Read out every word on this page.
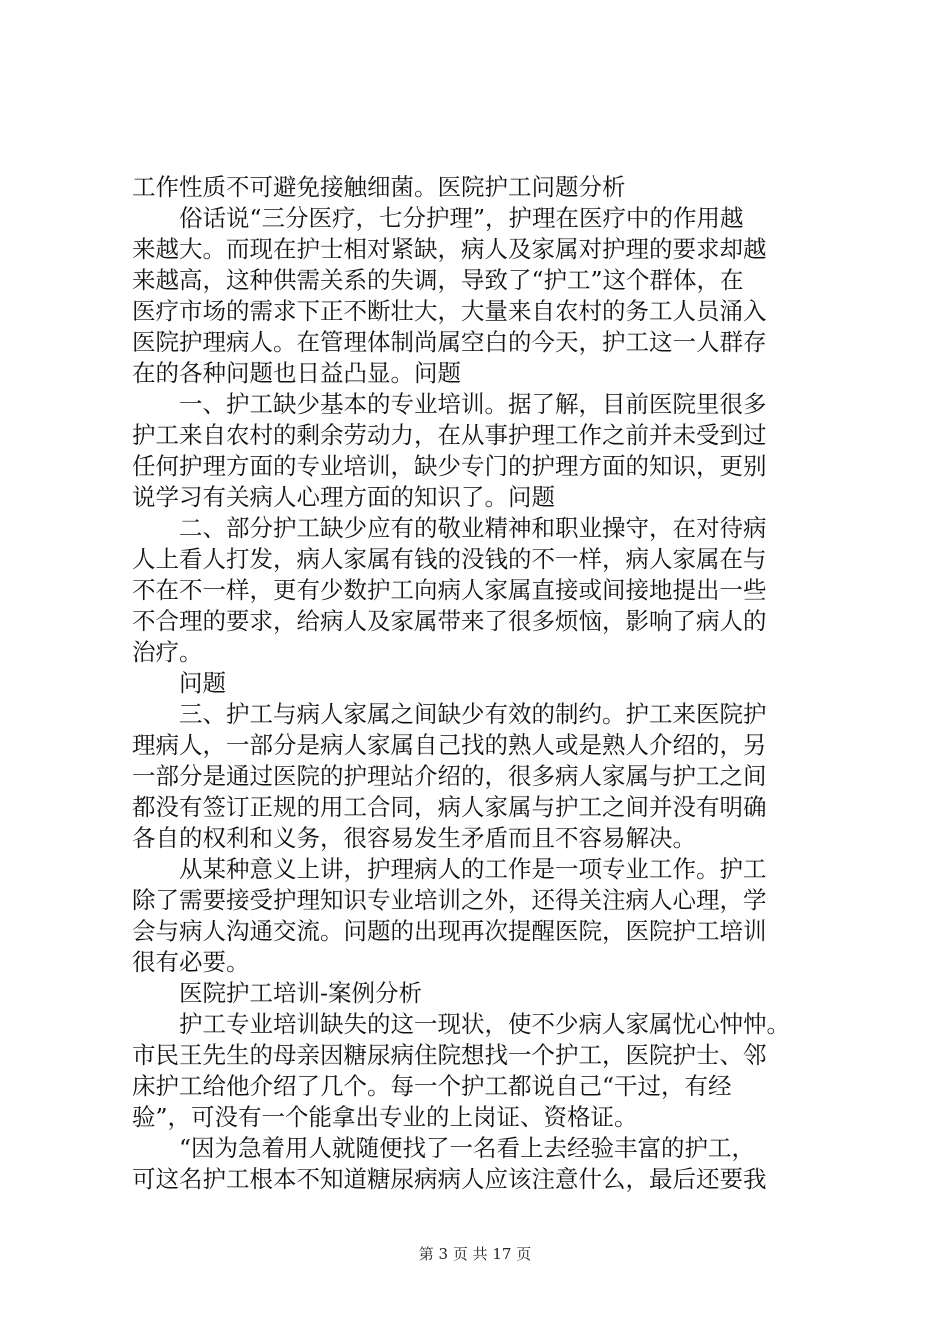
工作性质不可避免接触细菌。医院护工问题分析
　　俗话说“三分医疗，七分护理”，护理在医疗中的作用越
来越大。而现在护士相对紧缺，病人及家属对护理的要求却越
来越高，这种供需关系的失调，导致了“护工”这个群体，在
医疗市场的需求下正不断壮大，大量来自农村的务工人员涌入
医院护理病人。在管理体制尚属空白的今天，护工这一人群存
在的各种问题也日益凸显。问题
　　一、护工缺少基本的专业培训。据了解，目前医院里很多
护工来自农村的剩余劳动力，在从事护理工作之前并未受到过
任何护理方面的专业培训，缺少专门的护理方面的知识，更别
说学习有关病人心理方面的知识了。问题
　　二、部分护工缺少应有的敬业精神和职业操守，在对待病
人上看人打发，病人家属有钱的没钱的不一样，病人家属在与
不在不一样，更有少数护工向病人家属直接或间接地提出一些
不合理的要求，给病人及家属带来了很多烦恼，影响了病人的
治疗。
　　问题
　　三、护工与病人家属之间缺少有效的制约。护工来医院护
理病人，一部分是病人家属自己找的熟人或是熟人介绍的，另
一部分是通过医院的护理站介绍的，很多病人家属与护工之间
都没有签订正规的用工合同，病人家属与护工之间并没有明确
各自的权利和义务，很容易发生矛盾而且不容易解决。
　　从某种意义上讲，护理病人的工作是一项专业工作。护工
除了需要接受护理知识专业培训之外，还得关注病人心理，学
会与病人沟通交流。问题的出现再次提醒医院，医院护工培训
很有必要。
　　医院护工培训-案例分析
　　护工专业培训缺失的这一现状，使不少病人家属忧心忡忡。
市民王先生的母亲因糖尿病住院想找一个护工，医院护士、邻
床护工给他介绍了几个。每一个护工都说自己“干过，有经
验”，可没有一个能拿出专业的上岗证、资格证。
　　“因为急着用人就随便找了一名看上去经验丰富的护工，
可这名护工根本不知道糖尿病病人应该注意什么，最后还要我
第 3 页 共 17 页
